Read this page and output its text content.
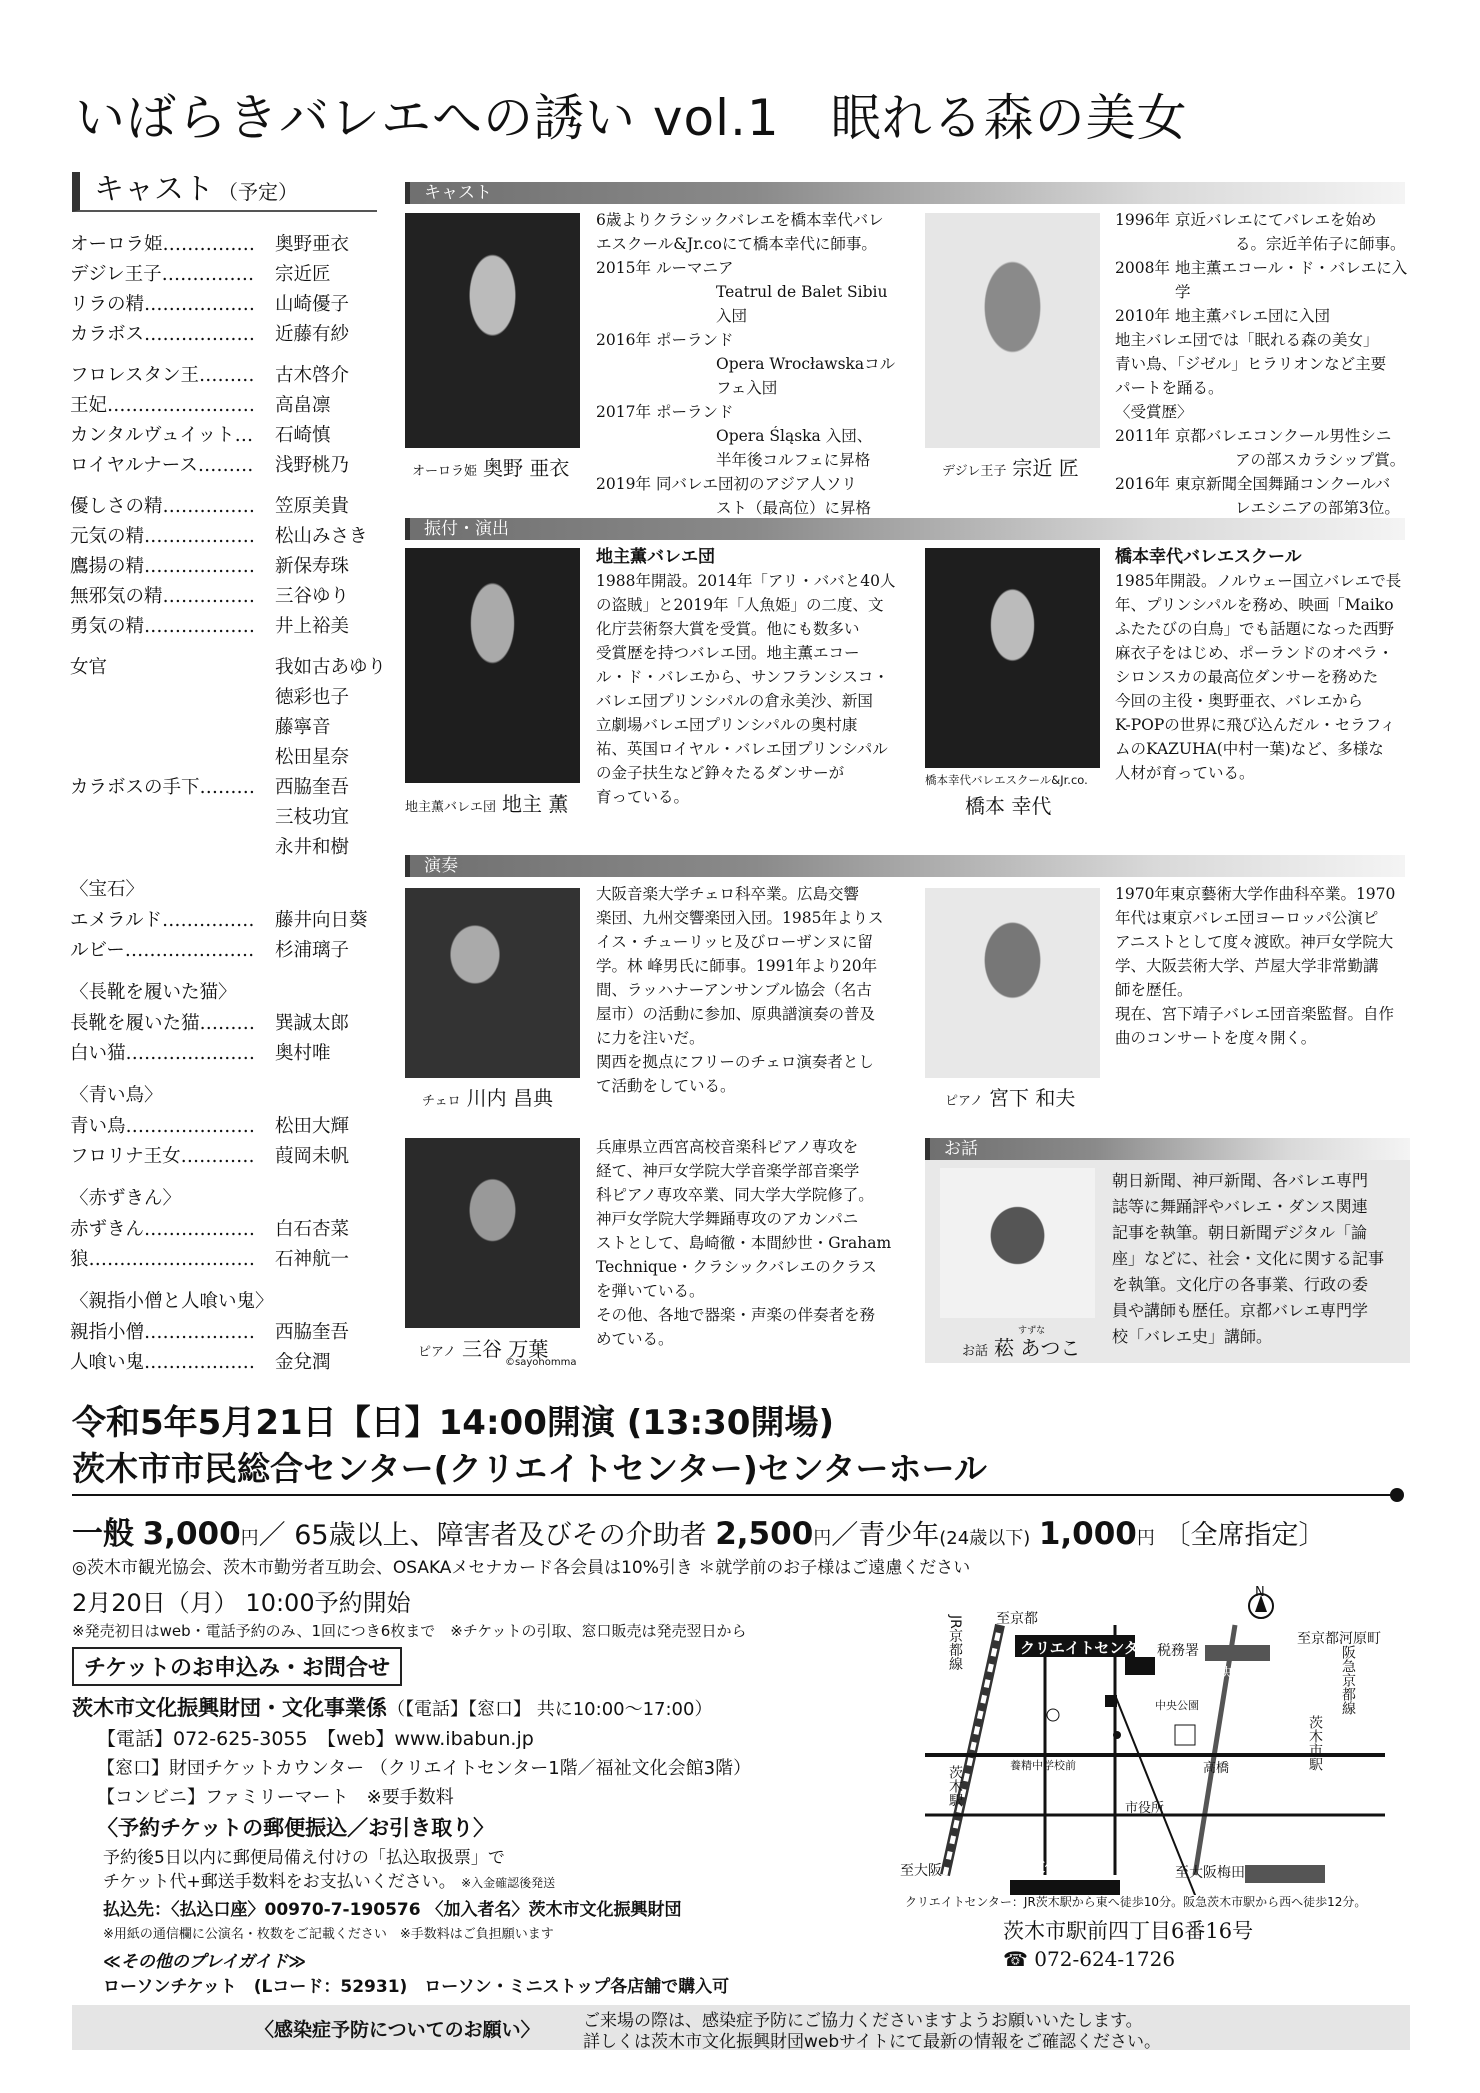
いばらきバレエへの誘い vol.1　眠れる森の美女
キャスト （予定）
オーロラ姫……………	奥野亜衣
デジレ王子……………	宗近匠
リラの精………………	山崎優子
カラボス………………	近藤有紗
フロレスタン王………	古木啓介
王妃……………………	高畠凛
カンタルヴュイット…	石崎慎
ロイヤルナース………	浅野桃乃
優しさの精……………	笠原美貴
元気の精………………	松山みさき
鷹揚の精………………	新保寿珠
無邪気の精……………	三谷ゆり
勇気の精………………	井上裕美
女官	我如古あゆり
徳彩也子
藤寧音
松田星奈
カラボスの手下………	西脇奎吾
三枝功宜
永井和樹
〈宝石〉
エメラルド……………	藤井向日葵
ルビー…………………	杉浦璃子
〈長靴を履いた猫〉
長靴を履いた猫………	巽誠太郎
白い猫…………………	奥村唯
〈青い鳥〉
青い鳥…………………	松田大輝
フロリナ王女…………	葭岡未帆
〈赤ずきん〉
赤ずきん………………	白石杏菜
狼………………………	石神航一
〈親指小僧と人喰い鬼〉
親指小僧………………	西脇奎吾
人喰い鬼………………	金兌潤
キャスト
オーロラ姫 奥野 亜衣
6歳よりクラシックバレエを橋本幸代バレ
エスクール&Jr.coにて橋本幸代に師事。
2015年 ルーマニア
Teatrul de Balet Sibiu入団
2016年 ポーランド
Opera Wrocławskaコルフェ入団
2017年 ポーランド
Opera Śląska 入団、
半年後コルフェに昇格
2019年 同バレエ団初のアジア人ソリ
スト（最高位）に昇格
デジレ王子 宗近 匠
1996年 京近バレエにてバレエを始め
る。宗近羊佑子に師事。
2008年 地主薫エコール・ド・バレエに入学
2010年 地主薫バレエ団に入団
地主バレエ団では「眠れる森の美女」
青い鳥、「ジゼル」ヒラリオンなど主要
パートを踊る。
〈受賞歴〉
2011年 京都バレエコンクール男性シニ
アの部スカラシップ賞。
2016年 東京新聞全国舞踊コンクールバ
レエシニアの部第3位。
振付・演出
地主薫バレエ団 地主 薫
地主薫バレエ団
1988年開設。2014年「アリ・ババと40人
の盗賊」と2019年「人魚姫」の二度、文
化庁芸術祭大賞を受賞。他にも数多い
受賞歴を持つバレエ団。地主薫エコー
ル・ド・バレエから、サンフランシスコ・
バレエ団プリンシパルの倉永美沙、新国
立劇場バレエ団プリンシパルの奥村康
祐、英国ロイヤル・バレエ団プリンシパル
の金子扶生など錚々たるダンサーが
育っている。
橋本幸代バレエスクール&Jr.co.
橋本 幸代
橋本幸代バレエスクール
1985年開設。ノルウェー国立バレエで長
年、プリンシパルを務め、映画「Maiko
ふたたびの白鳥」でも話題になった西野
麻衣子をはじめ、ポーランドのオペラ・
シロンスカの最高位ダンサーを務めた
今回の主役・奥野亜衣、バレエから
K-POPの世界に飛び込んだル・セラフィ
ムのKAZUHA(中村一葉)など、多様な
人材が育っている。
演奏
チェロ 川内 昌典
大阪音楽大学チェロ科卒業。広島交響
楽団、九州交響楽団入団。1985年よりス
イス・チューリッヒ及びローザンヌに留
学。林 峰男氏に師事。1991年より20年
間、ラッハナーアンサンブル協会（名古
屋市）の活動に参加、原典譜演奏の普及
に力を注いだ。
関西を拠点にフリーのチェロ演奏者とし
て活動をしている。
ピアノ 宮下 和夫
1970年東京藝術大学作曲科卒業。1970
年代は東京バレエ団ヨーロッパ公演ピ
アニストとして度々渡欧。神戸女学院大
学、大阪芸術大学、芦屋大学非常勤講
師を歴任。
現在、宮下靖子バレエ団音楽監督。自作
曲のコンサートを度々開く。
ピアノ 三谷 万葉
©sayohomma
兵庫県立西宮高校音楽科ピアノ専攻を
経て、神戸女学院大学音楽学部音楽学
科ピアノ専攻卒業、同大学大学院修了。
神戸女学院大学舞踊専攻のアカンパニ
ストとして、島崎徹・本間紗世・Graham
Technique・クラシックバレエのクラス
を弾いている。
その他、各地で器楽・声楽の伴奏者を務
めている。
お話
すずな
お話 菘 あつこ
朝日新聞、神戸新聞、各バレエ専門
誌等に舞踊評やバレエ・ダンス関連
記事を執筆。朝日新聞デジタル「論
座」などに、社会・文化に関する記事
を執筆。文化庁の各事業、行政の委
員や講師も歴任。京都バレエ専門学
校「バレエ史」講師。
令和5年5月21日【日】14:00開演 (13:30開場)
茨木市市民総合センター(クリエイトセンター)センターホール
一般 3,000円／ 65歳以上、障害者及びその介助者 2,500円／青少年(24歳以下) 1,000円 〔全席指定〕
◎茨木市観光協会、茨木市勤労者互助会、OSAKAメセナカード各会員は10%引き ＊就学前のお子様はご遠慮ください
2月20日（月） 10:00予約開始
※発売初日はweb・電話予約のみ、1回につき6枚まで　※チケットの引取、窓口販売は発売翌日から
チケットのお申込み・お問合せ
茨木市文化振興財団・文化事業係（【電話】【窓口】 共に10:00〜17:00）
【電話】072-625-3055　【web】www.ibabun.jp
【窓口】財団チケットカウンター （クリエイトセンター1階／福祉文化会館3階）
【コンビニ】ファミリーマート　※要手数料
〈予約チケットの郵便振込／お引き取り〉
予約後5日以内に郵便局備え付けの「払込取扱票」で
チケット代+郵送手数料をお支払いください。 ※入金確認後発送
払込先：〈払込口座〉00970-7-190576 〈加入者名〉茨木市文化振興財団
※用紙の通信欄に公演名・枚数をご記載ください　※手数料はご負担願います
≪その他のプレイガイド≫
ローソンチケット　(Lコード：52931)　ローソン・ミニストップ各店舗で購入可
N
至京都
至京都河原町
クリエイトセンター 税務署
中央公園北
中央公園
養精中学校前	高橋
市役所
JR京都線
阪急京都線
茨木駅
茨木市駅
至大阪	至大阪梅田
市消防本部前
福祉文化会館
クリエイトセンター：JR茨木駅から東へ徒歩10分。阪急茨木市駅から西へ徒歩12分。
茨木市駅前四丁目6番16号
☎ 072-624-1726
〈感染症予防についてのお願い〉	ご来場の際は、感染症予防にご協力くださいますようお願いいたします。
詳しくは茨木市文化振興財団webサイトにて最新の情報をご確認ください。
